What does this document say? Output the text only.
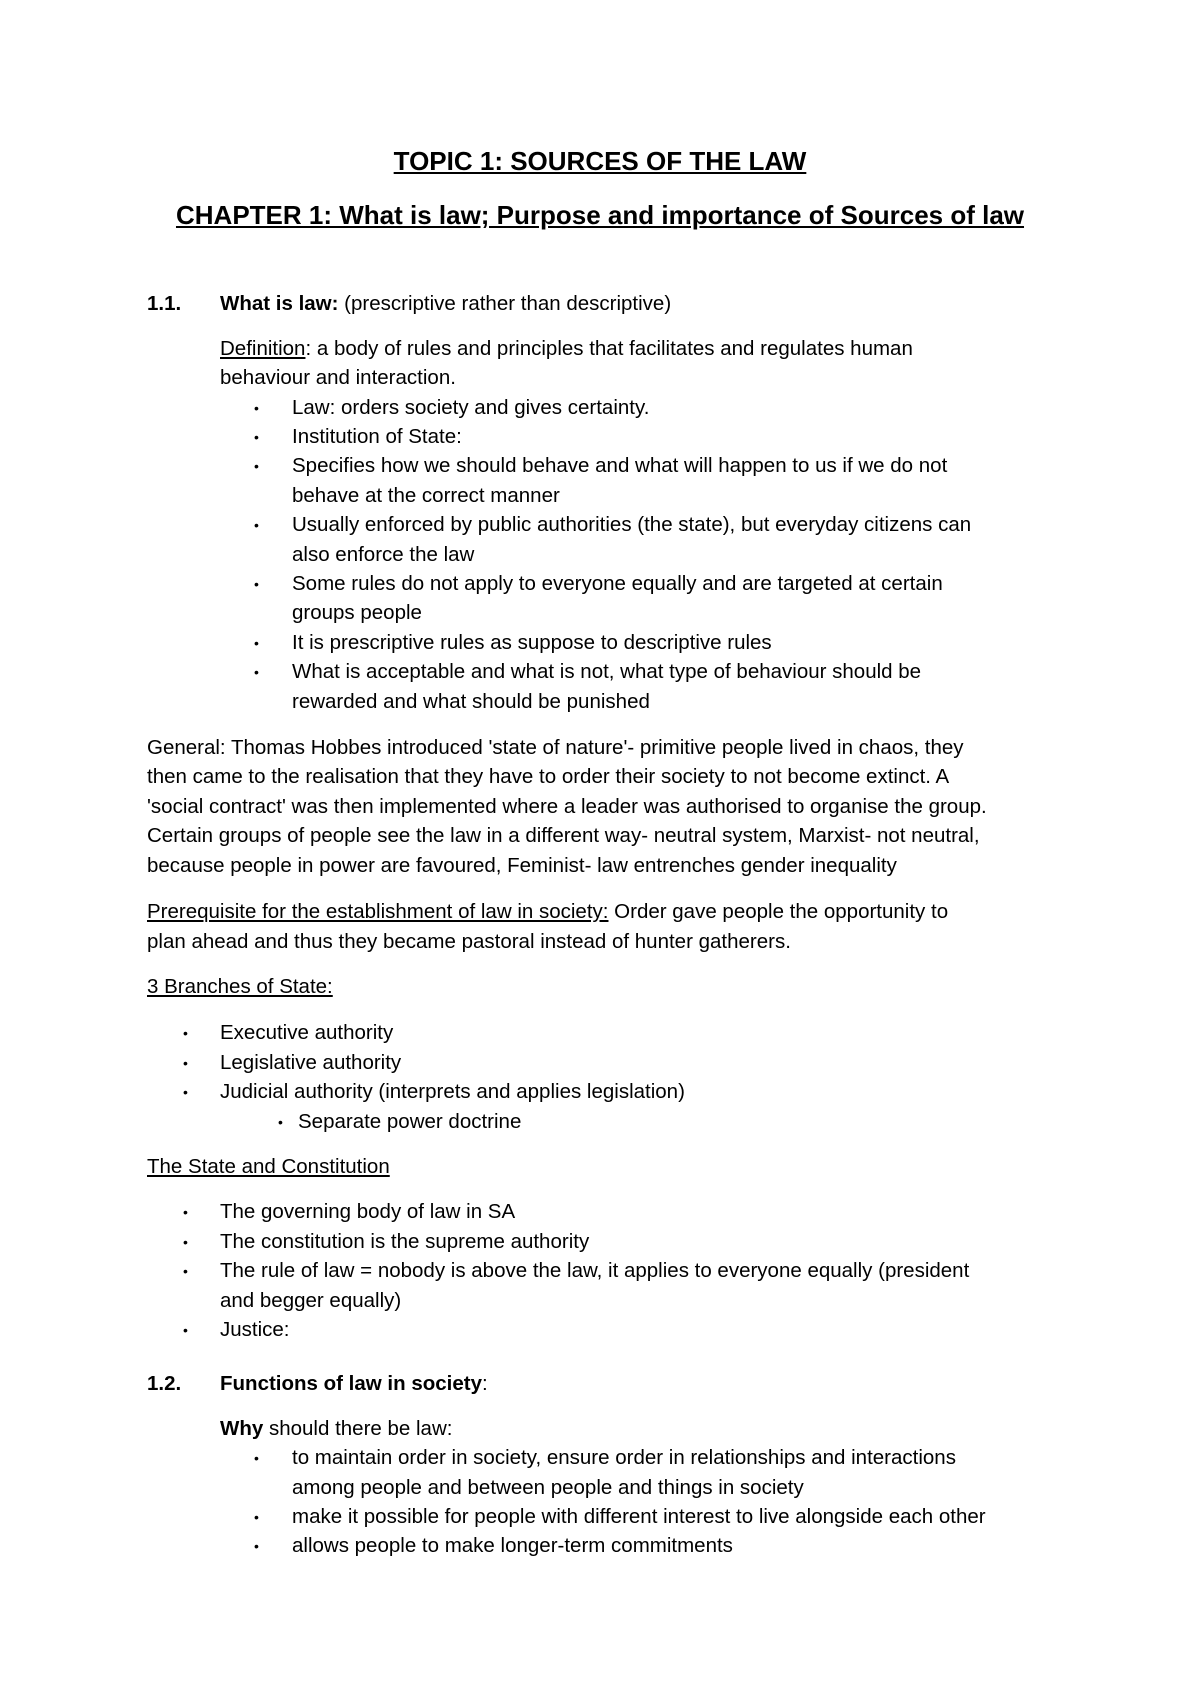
TOPIC 1: SOURCES OF THE LAW
CHAPTER 1: What is law; Purpose and importance of Sources of law
1.1. What is law: (prescriptive rather than descriptive)
Definition: a body of rules and principles that facilitates and regulates human
behaviour and interaction.
• Law: orders society and gives certainty.
• Institution of State:
• Specifies how we should behave and what will happen to us if we do not
behave at the correct manner
• Usually enforced by public authorities (the state), but everyday citizens can
also enforce the law
• Some rules do not apply to everyone equally and are targeted at certain
groups people
• It is prescriptive rules as suppose to descriptive rules
• What is acceptable and what is not, what type of behaviour should be
rewarded and what should be punished
General: Thomas Hobbes introduced 'state of nature'- primitive people lived in chaos, they
then came to the realisation that they have to order their society to not become extinct. A
'social contract' was then implemented where a leader was authorised to organise the group.
Certain groups of people see the law in a different way- neutral system, Marxist- not neutral,
because people in power are favoured, Feminist- law entrenches gender inequality
Prerequisite for the establishment of law in society: Order gave people the opportunity to
plan ahead and thus they became pastoral instead of hunter gatherers.
3 Branches of State:
• Executive authority
• Legislative authority
• Judicial authority (interprets and applies legislation)
• Separate power doctrine
The State and Constitution
• The governing body of law in SA
• The constitution is the supreme authority
• The rule of law = nobody is above the law, it applies to everyone equally (president
and begger equally)
• Justice:
1.2. Functions of law in society:
Why should there be law:
• to maintain order in society, ensure order in relationships and interactions
among people and between people and things in society
• make it possible for people with different interest to live alongside each other
• allows people to make longer-term commitments
